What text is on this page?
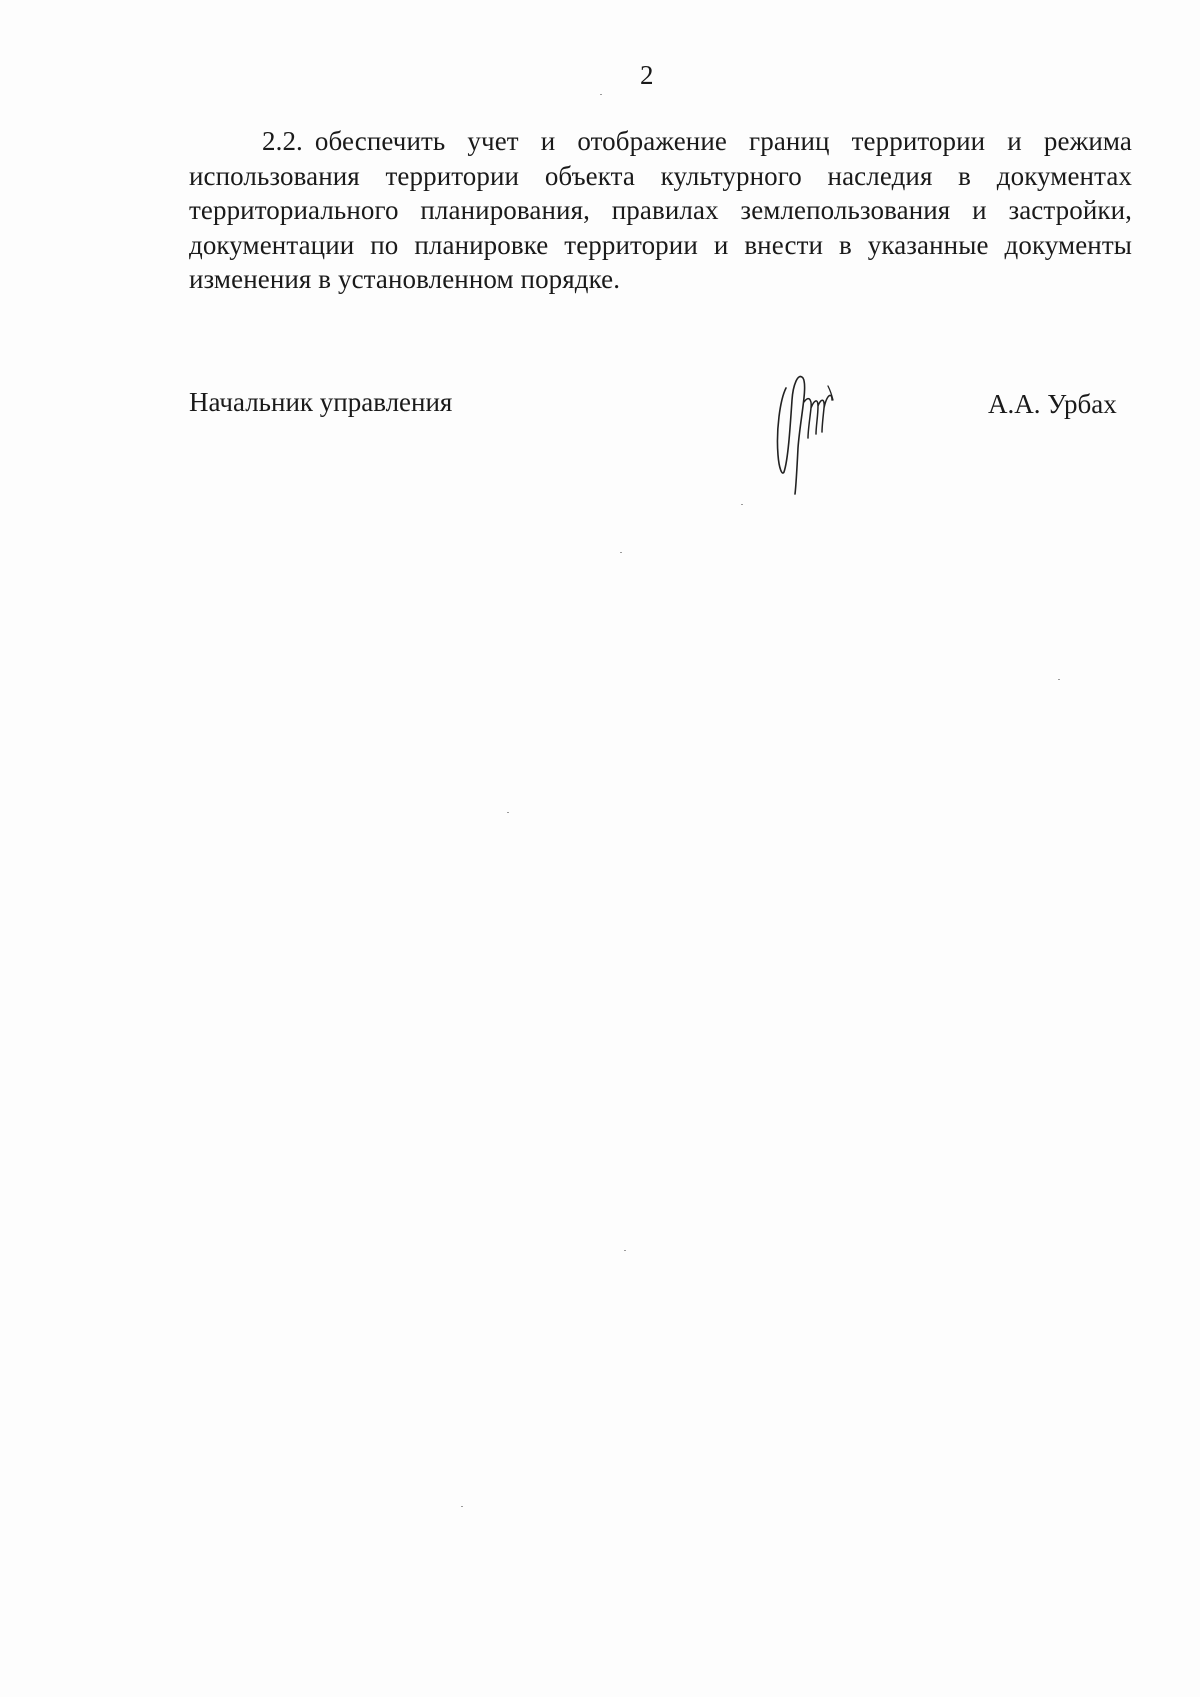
2

2.2. обеспечить учет и отображение границ территории и режима использования территории объекта культурного наследия в документах территориального планирования, правилах землепользования и застройки, документации по планировке территории и внести в указанные документы изменения в установленном порядке.

Начальник управления	А.А. Урбах
